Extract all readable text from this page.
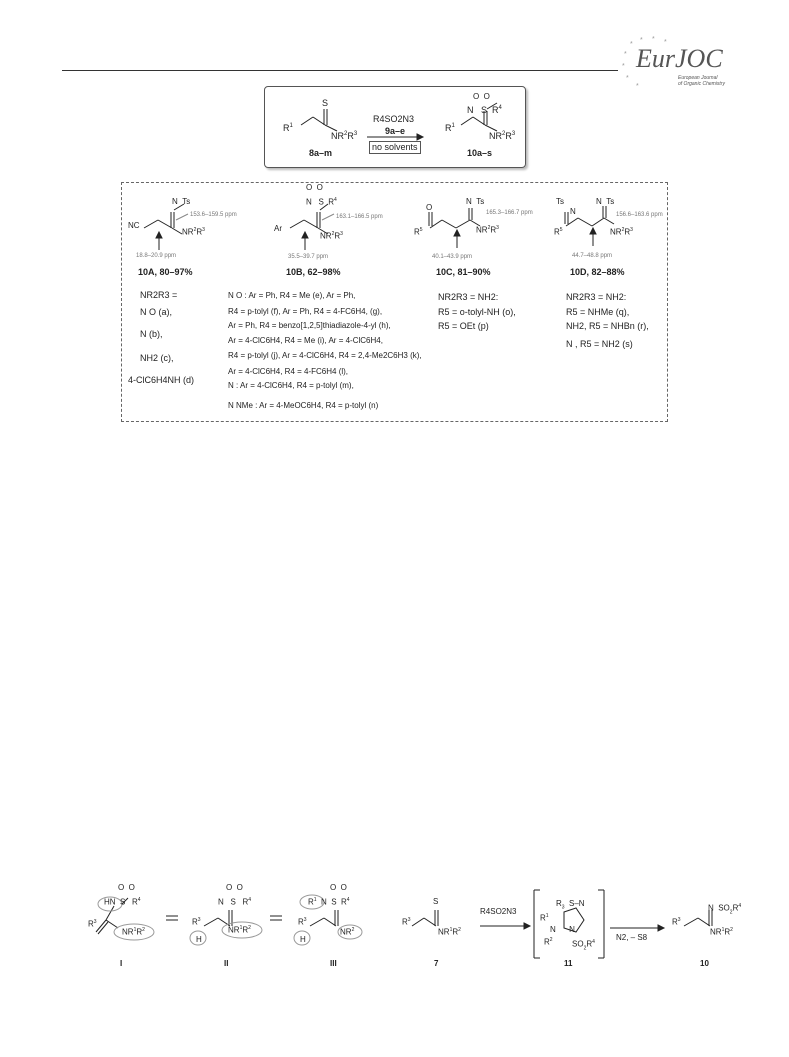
*
* * *
*
*
*
*
EurJOC
European Journal
of Organic Chemistry
S
$R^1$
$NR^2R^3$
8a–m
R4SO2N3
9a–e
no solvents
O  O
N   S  $R^4$
$R^1$
$NR^2R^3$
10a–s
N  Ts
NC
$NR^2R^3$
153.6–159.5 ppm
18.8–20.9 ppm
10A, 80–97%
NR2R3 =
N O (a),
N (b),
NH2 (c),
4-ClC6H4NH (d)
O  O
N   S  $R^4$
Ar
$NR^2R^3$
163.1–166.5 ppm
35.5–39.7 ppm
10B, 62–98%
N O : Ar = Ph, R4 = Me (e), Ar = Ph,
R4 = p-tolyl (f), Ar = Ph, R4 = 4-FC6H4, (g),
Ar = Ph, R4 = benzo[1,2,5]thiadiazole-4-yl (h),
Ar = 4-ClC6H4, R4 = Me (i), Ar = 4-ClC6H4,
R4 = p-tolyl (j), Ar = 4-ClC6H4, R4 = 2,4-Me2C6H3 (k),
Ar = 4-ClC6H4, R4 = 4-FC6H4 (l),
N : Ar = 4-ClC6H4, R4 = p-tolyl (m),
N NMe : Ar = 4-MeOC6H4, R4 = p-tolyl (n)
O
N  Ts
$R^5$	$NR^2R^3$
165.3–166.7 ppm
40.1–43.9 ppm
10C, 81–90%
NR2R3 = NH2:
R5 = o-tolyl-NH (o),
R5 = OEt (p)
Ts
N
N  Ts
$R^5$	$NR^2R^3$
156.6–163.6 ppm
44.7–48.8 ppm
10D, 82–88%
NR2R3 = NH2:
R5 = NHMe (q),
NH2, R5 = NHBn (r),
N , R5 = NH2 (s)
O  O
HN  S   $R^4$
$R^3$
$NR^1R^2$
I
O  O
N   S   $R^4$
$R^3$
H
$NR^1R^2$
II
O  O
$R^1$  N  S  $R^4$
$R^3$
H
$NR^2$
III
S
$R^3$
$NR^1R^2$
7
R4SO2N3
$R_3$  S–N
$R^1$
N      N
$R^2$ $SO_2R^4$
11
N2, – S8
N  $SO_2R^4$
$R^3$
$NR^1R^2$
10
